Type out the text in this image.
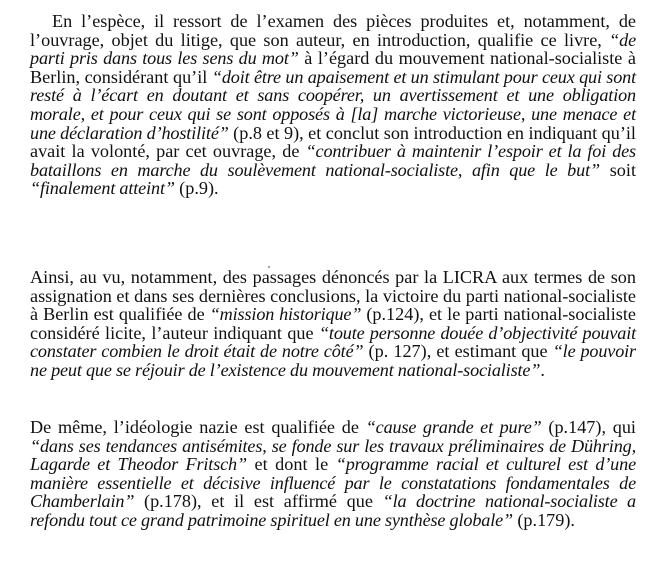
En l’espèce, il ressort de l’examen des pièces produites et, notamment, de l’ouvrage, objet du litige, que son auteur, en introduction, qualifie ce livre, “de parti pris dans tous les sens du mot” à l’égard du mouvement national-socialiste à Berlin, considérant qu’il “doit être un apaisement et un stimulant pour ceux qui sont resté à l’écart en doutant et sans coopérer, un avertissement et une obligation morale, et pour ceux qui se sont opposés à [la] marche victorieuse, une menace et une déclaration d’hostilité” (p.8 et 9), et conclut son introduction en indiquant qu’il avait la volonté, par cet ouvrage, de “contribuer à maintenir l’espoir et la foi des bataillons en marche du soulèvement national-socialiste, afin que le but” soit “finalement atteint” (p.9).

Ainsi, au vu, notamment, des passages dénoncés par la LICRA aux termes de son assignation et dans ses dernières conclusions, la victoire du parti national-socialiste à Berlin est qualifiée de “mission historique” (p.124), et le parti national-socialiste considéré licite, l’auteur indiquant que “toute personne douée d’objectivité pouvait constater combien le droit était de notre côté” (p. 127), et estimant que “le pouvoir ne peut que se réjouir de l’existence du mouvement national-socialiste”.

De même, l’idéologie nazie est qualifiée de “cause grande et pure” (p.147), qui “dans ses tendances antisémites, se fonde sur les travaux préliminaires de Dühring, Lagarde et Theodor Fritsch” et dont le “programme racial et culturel est d’une manière essentielle et décisive influencé par le constatations fondamentales de Chamberlain” (p.178), et il est affirmé que “la doctrine national-socialiste a refondu tout ce grand patrimoine spirituel en une synthèse globale” (p.179).
